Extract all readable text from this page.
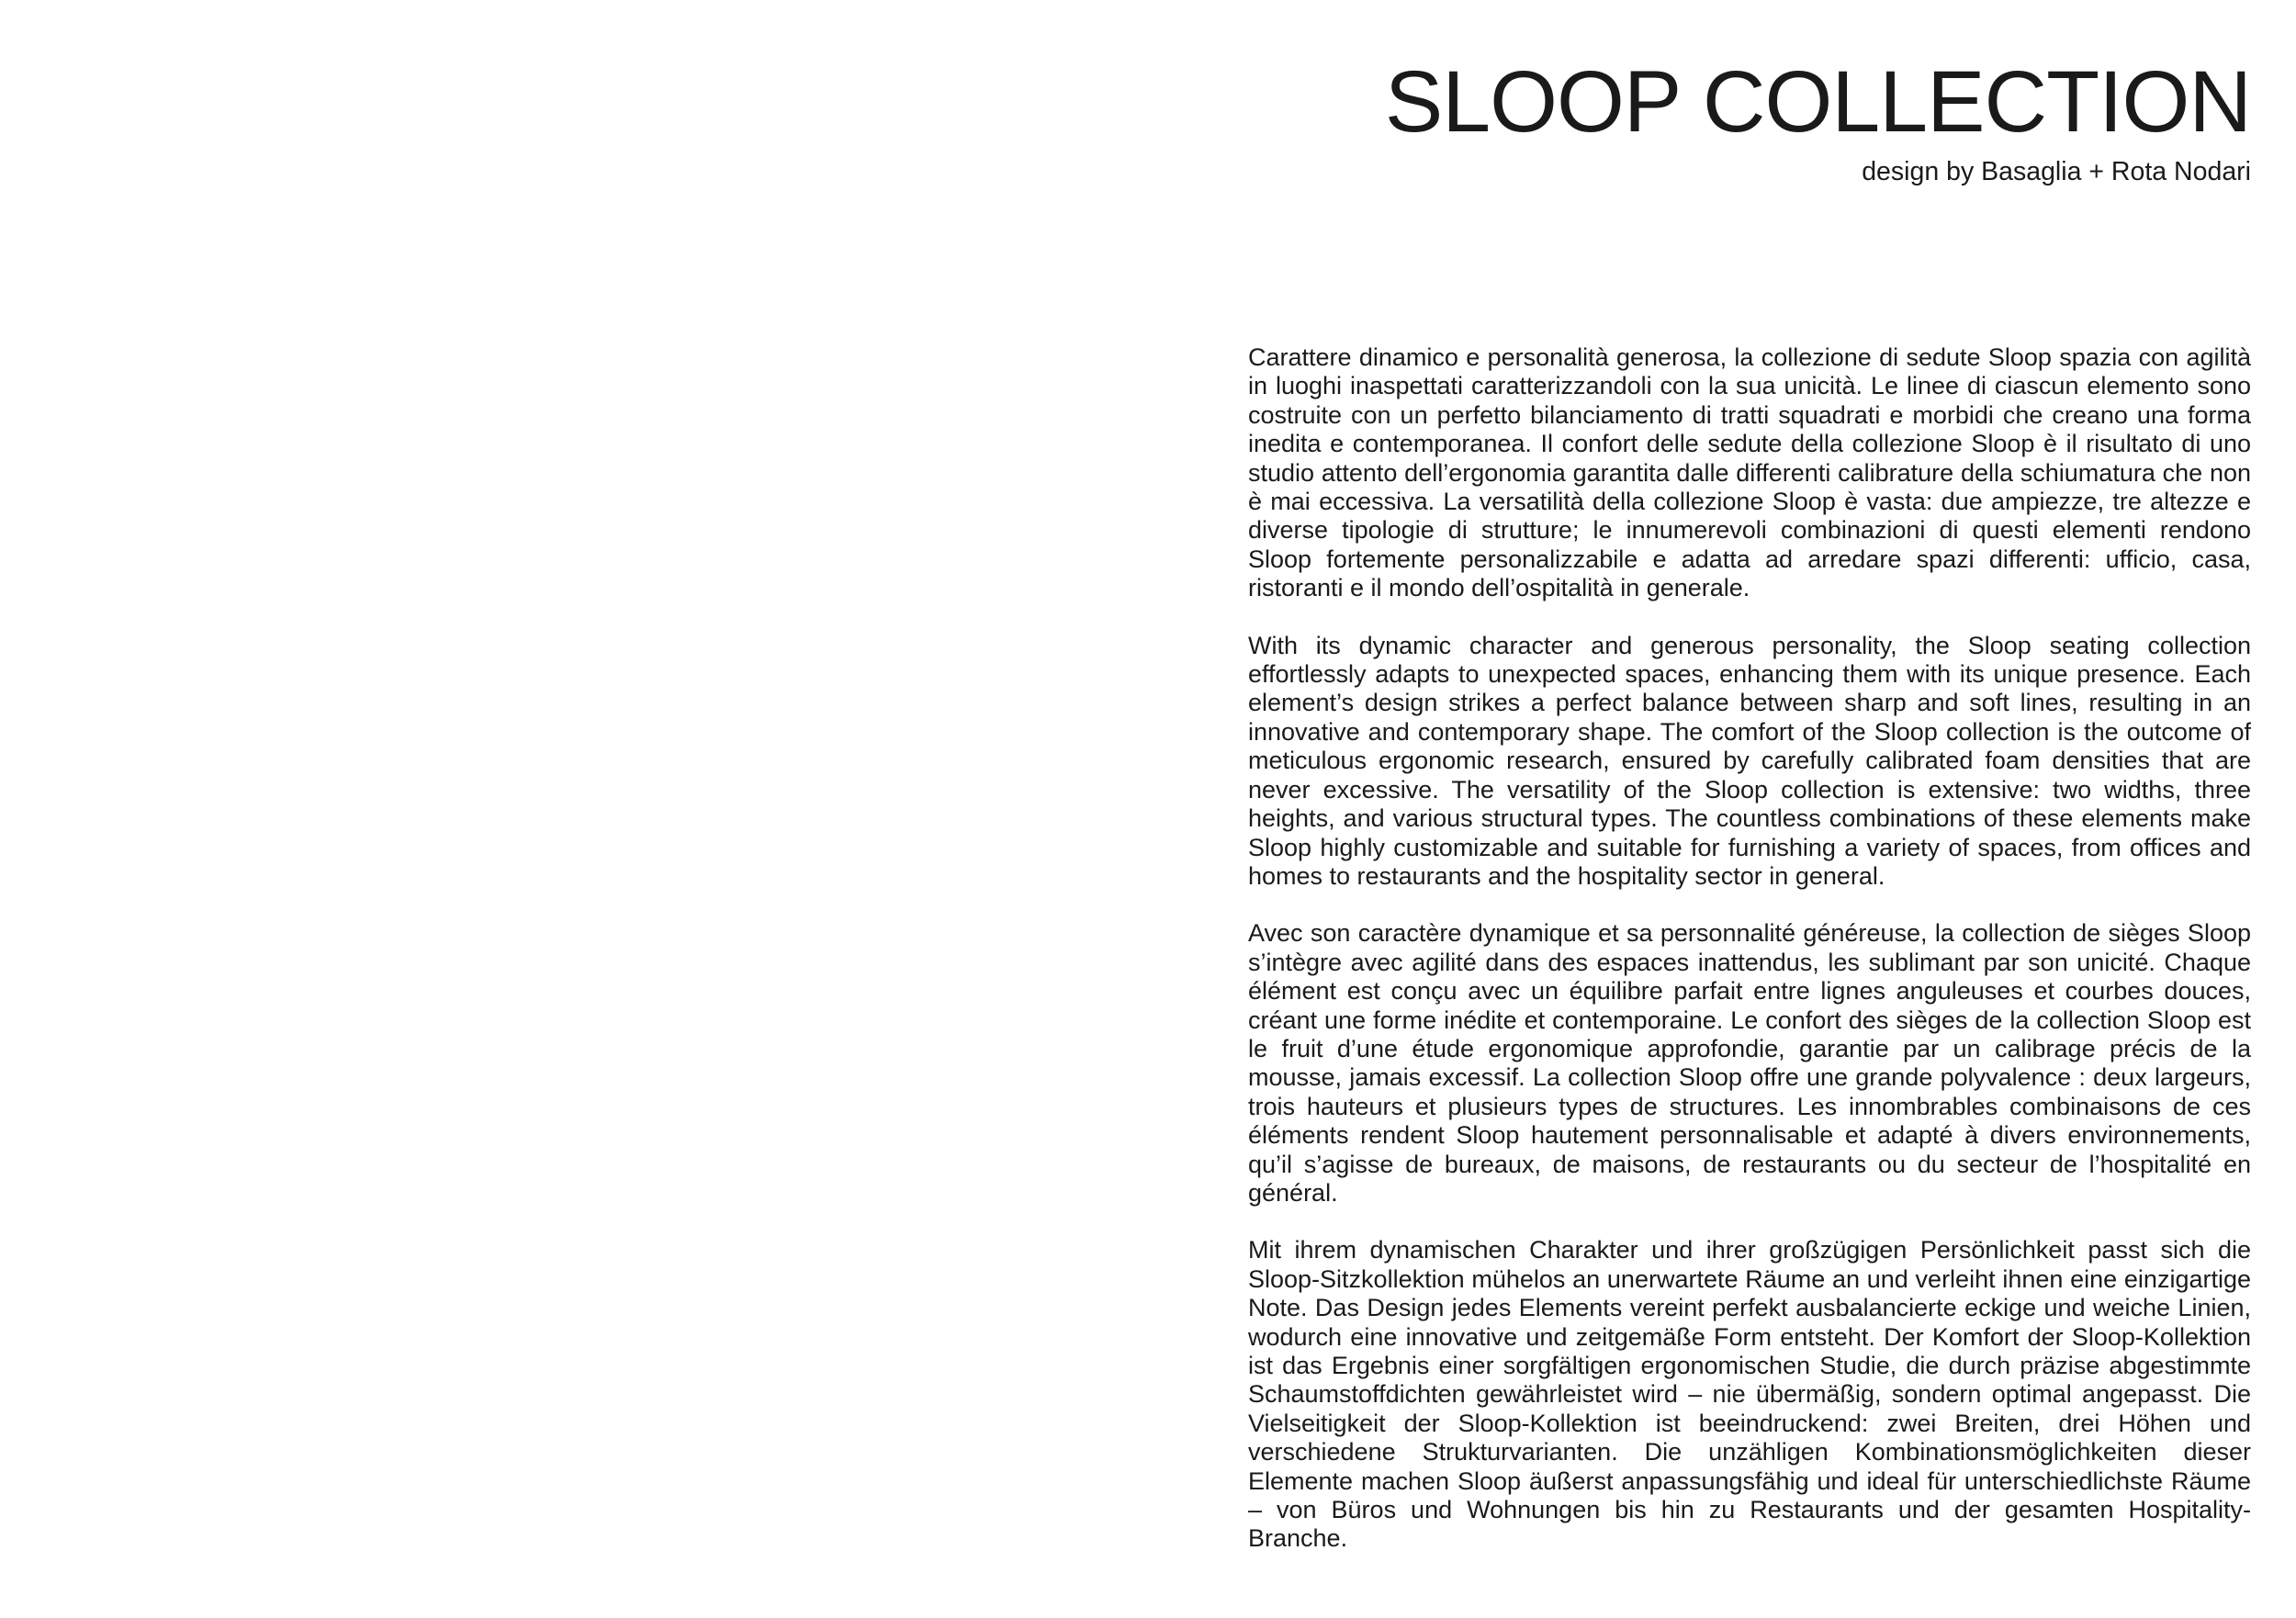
SLOOP COLLECTION

design by Basaglia + Rota Nodari

Carattere dinamico e personalità generosa, la collezione di sedute Sloop spazia con agilità in luoghi inaspettati caratterizzandoli con la sua unicità. Le linee di ciascun elemento sono costruite con un perfetto bilanciamento di tratti squadrati e morbidi che creano una forma inedita e contemporanea. Il confort delle sedute della collezione Sloop è il risultato di uno studio attento dell’ergonomia garantita dalle differenti calibrature della schiumatura che non è mai eccessiva. La versatilità della collezione Sloop è vasta: due ampiezze, tre altezze e diverse tipologie di strutture; le innumerevoli combinazioni di questi elementi rendono Sloop fortemente personalizzabile e adatta ad arredare spazi differenti: ufficio, casa, ristoranti e il mondo dell’ospitalità in generale.

With its dynamic character and generous personality, the Sloop seating collection effortlessly adapts to unexpected spaces, enhancing them with its unique presence. Each element’s design strikes a perfect balance between sharp and soft lines, resulting in an innovative and contemporary shape. The comfort of the Sloop collection is the outcome of meticulous ergonomic research, ensured by carefully calibrated foam densities that are never excessive. The versatility of the Sloop collection is extensive: two widths, three heights, and various structural types. The countless combinations of these elements make Sloop highly customizable and suitable for furnishing a variety of spaces, from offices and homes to restaurants and the hospitality sector in general.

Avec son caractère dynamique et sa personnalité généreuse, la collection de sièges Sloop s’intègre avec agilité dans des espaces inattendus, les sublimant par son unicité. Chaque élément est conçu avec un équilibre parfait entre lignes anguleuses et courbes douces, créant une forme inédite et contemporaine. Le confort des sièges de la collection Sloop est le fruit d’une étude ergonomique approfondie, garantie par un calibrage précis de la mousse, jamais excessif. La collection Sloop offre une grande polyvalence : deux largeurs, trois hauteurs et plusieurs types de structures. Les innombrables combinaisons de ces éléments rendent Sloop hautement personnalisable et adapté à divers environnements, qu’il s’agisse de bureaux, de maisons, de restaurants ou du secteur de l’hospitalité en général.

Mit ihrem dynamischen Charakter und ihrer großzügigen Persönlichkeit passt sich die Sloop-Sitzkollektion mühelos an unerwartete Räume an und verleiht ihnen eine einzigartige Note. Das Design jedes Elements vereint perfekt ausbalancierte eckige und weiche Linien, wodurch eine innovative und zeitgemäße Form entsteht. Der Komfort der Sloop-Kollektion ist das Ergebnis einer sorgfältigen ergonomischen Studie, die durch präzise abgestimmte Schaumstoffdichten gewährleistet wird – nie übermäßig, sondern optimal angepasst. Die Vielseitigkeit der Sloop-Kollektion ist beeindruckend: zwei Breiten, drei Höhen und verschiedene Strukturvarianten. Die unzähligen Kombinationsmöglichkeiten dieser Elemente machen Sloop äußerst anpassungsfähig und ideal für unterschiedlichste Räume – von Büros und Wohnungen bis hin zu Restaurants und der gesamten Hospitality-Branche.
